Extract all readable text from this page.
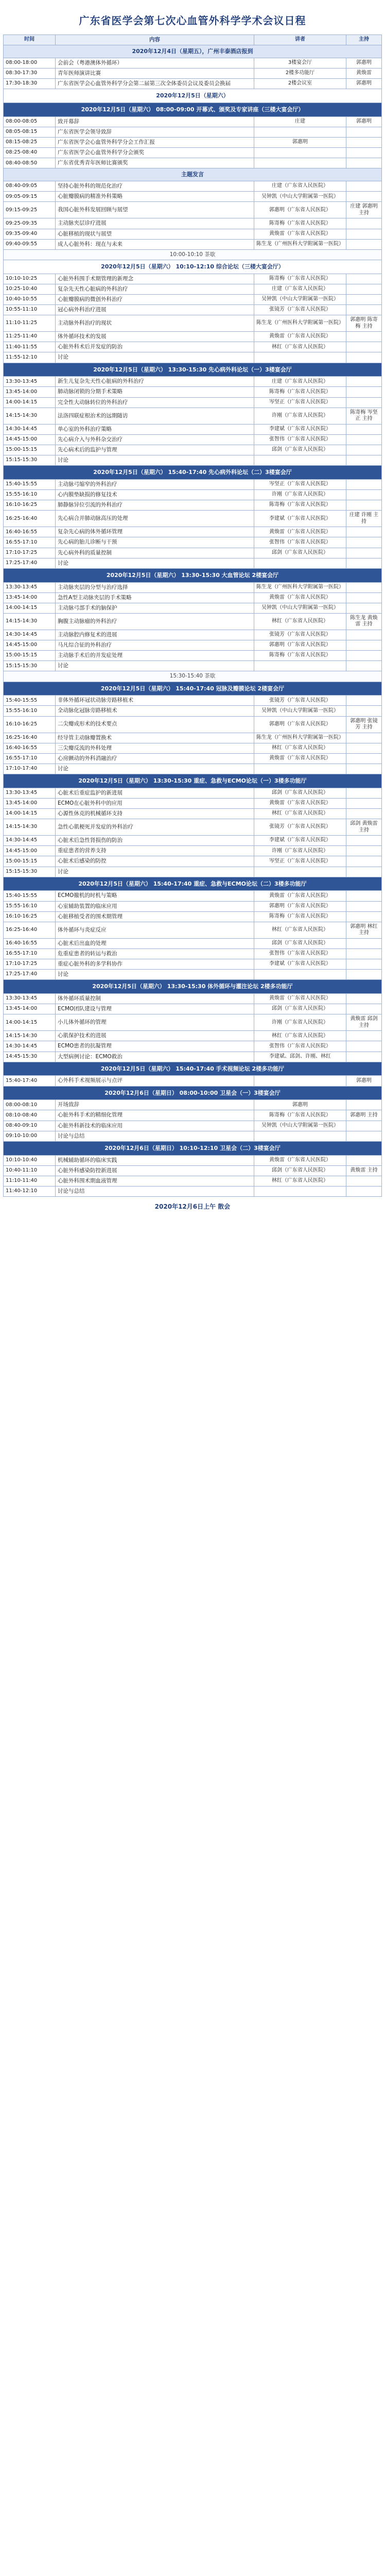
广东省医学会第七次心血管外科学学术会议日程
时间	内容	讲者	主持
2020年12月4日（星期五），广州丰泰酒店报到			
08:00-18:00	会前会（粤港澳体外循环）	3楼宴会厅	郭惠明
08:30-17:30	青年医师演讲比赛	2楼多功能厅	黄焕雷
17:30-18:30	广东省医学会心血管外科学分会第二届第三次全体委员会议及委员会换届	2楼会议室	郭惠明
2020年12月5日（星期六）			
2020年12月5日（星期六） 08:00-09:00 开幕式、颁奖及专家讲座（三楼大宴会厅）			
08:00-08:05	致开幕辞	庄建	郭惠明
08:05-08:15	广东省医学会领导致辞		
08:15-08:25	广东省医学会心血管外科学分会工作汇报	郭惠明	
08:25-08:40	广东省医学会心血管外科学分会颁奖		
08:40-08:50	广东省优秀青年医师比赛颁奖		
主题发言			
08:40-09:05	坚持心脏外科的规范化治疗	庄建（广东省人民医院）	
09:05-09:15	心脏瓣膜病的精准外科策略	吴钟凯（中山大学附属第一医院）	
09:15-09:25	我国心脏外科发展回顾与展望	郭惠明（广东省人民医院）	庄建 郭惠明 主持
09:25-09:35	主动脉夹层诊疗进展	陈寄梅（广东省人民医院）	
09:35-09:40	心脏移植的现状与展望	黄焕雷（广东省人民医院）	
09:40-09:55	成人心脏外科：现在与未来	陈生龙（广州医科大学附属第一医院）	
10:00-10:10 茶歇			
2020年12月5日（星期六） 10:10-12:10 综合论坛（三楼大宴会厅）			
10:10-10:25	心脏外科围手术期管理的新理念	陈寄梅（广东省人民医院）	
10:25-10:40	复杂先天性心脏病的外科治疗	庄建（广东省人民医院）	
10:40-10:55	心脏瓣膜病的微创外科治疗	吴钟凯（中山大学附属第一医院）	
10:55-11:10	冠心病外科治疗进展	张镜芳（广东省人民医院）	
11:10-11:25	主动脉外科治疗的现状	陈生龙（广州医科大学附属第一医院）	郭惠明 陈寄梅 主持
11:25-11:40	体外循环技术的发展	黄焕雷（广东省人民医院）	
11:40-11:55	心脏外科术后并发症的防治	林红（广东省人民医院）	
11:55-12:10	讨论		
2020年12月5日（星期六） 13:30-15:30 先心病外科论坛（一）3楼宴会厅			
13:30-13:45	新生儿复杂先天性心脏病的外科治疗	庄建（广东省人民医院）	
13:45-14:00	肺动脉闭锁的分期手术策略	陈寄梅（广东省人民医院）	
14:00-14:15	完全性大动脉转位的外科治疗	岑坚正（广东省人民医院）	
14:15-14:30	法洛四联症根治术的远期随访	许刚（广东省人民医院）	陈寄梅 岑坚正 主持
14:30-14:45	单心室的外科治疗策略	李建斌（广东省人民医院）	
14:45-15:00	先心病介入与外科杂交治疗	张智伟（广东省人民医院）	
15:00-15:15	先心病术后的监护与管理	邱剑（广东省人民医院）	
15:15-15:30	讨论		
2020年12月5日（星期六） 15:40-17:40 先心病外科论坛（二）3楼宴会厅			
15:40-15:55	主动脉弓缩窄的外科治疗	岑坚正（广东省人民医院）	
15:55-16:10	心内膜垫缺损的修复技术	许刚（广东省人民医院）	
16:10-16:25	肺静脉异位引流的外科治疗	陈寄梅（广东省人民医院）	
16:25-16:40	先心病合并肺动脉高压的处理	李建斌（广东省人民医院）	庄建 许刚 主持
16:40-16:55	复杂先心病的体外循环管理	黄焕雷（广东省人民医院）	
16:55-17:10	先心病的胎儿诊断与干预	张智伟（广东省人民医院）	
17:10-17:25	先心病外科的质量控制	邱剑（广东省人民医院）	
17:25-17:40	讨论		
2020年12月5日（星期六） 13:30-15:30 大血管论坛 2楼宴会厅			
13:30-13:45	主动脉夹层的分型与治疗选择	陈生龙（广州医科大学附属第一医院）	
13:45-14:00	急性A型主动脉夹层的手术策略	黄焕雷（广东省人民医院）	
14:00-14:15	主动脉弓部手术的脑保护	吴钟凯（中山大学附属第一医院）	
14:15-14:30	胸腹主动脉瘤的外科治疗	林红（广东省人民医院）	陈生龙 黄焕雷 主持
14:30-14:45	主动脉腔内修复术的进展	张镜芳（广东省人民医院）	
14:45-15:00	马凡综合征的外科治疗	郭惠明（广东省人民医院）	
15:00-15:15	主动脉手术后的并发症处理	陈寄梅（广东省人民医院）	
15:15-15:30	讨论		
15:30-15:40 茶歇			
2020年12月5日（星期六） 15:40-17:40 冠脉及瓣膜论坛 2楼宴会厅			
15:40-15:55	非体外循环冠状动脉旁路移植术	张镜芳（广东省人民医院）	
15:55-16:10	全动脉化冠脉旁路移植术	吴钟凯（中山大学附属第一医院）	
16:10-16:25	二尖瓣成形术的技术要点	郭惠明（广东省人民医院）	郭惠明 张镜芳 主持
16:25-16:40	经导管主动脉瓣置换术	陈生龙（广州医科大学附属第一医院）	
16:40-16:55	三尖瓣反流的外科处理	林红（广东省人民医院）	
16:55-17:10	心房颤动的外科消融治疗	黄焕雷（广东省人民医院）	
17:10-17:40	讨论		
2020年12月5日（星期六） 13:30-15:30 重症、急救与ECMO论坛（一）3楼多功能厅			
13:30-13:45	心脏术后重症监护的新进展	邱剑（广东省人民医院）	
13:45-14:00	ECMO在心脏外科中的应用	黄焕雷（广东省人民医院）	
14:00-14:15	心源性休克的机械循环支持	林红（广东省人民医院）	
14:15-14:30	急性心肌梗死并发症的外科治疗	张镜芳（广东省人民医院）	邱剑 黄焕雷 主持
14:30-14:45	心脏术后急性肾损伤的防治	李建斌（广东省人民医院）	
14:45-15:00	重症患者的营养支持	许刚（广东省人民医院）	
15:00-15:15	心脏术后感染的防控	岑坚正（广东省人民医院）	
15:15-15:30	讨论		
2020年12月5日（星期六） 15:40-17:40 重症、急救与ECMO论坛（二）3楼多功能厅			
15:40-15:55	ECMO撤机的时机与策略	黄焕雷（广东省人民医院）	
15:55-16:10	心室辅助装置的临床应用	郭惠明（广东省人民医院）	
16:10-16:25	心脏移植受者的围术期管理	陈寄梅（广东省人民医院）	
16:25-16:40	体外循环与炎症反应	林红（广东省人民医院）	郭惠明 林红 主持
16:40-16:55	心脏术后出血的处理	邱剑（广东省人民医院）	
16:55-17:10	危重症患者的转运与救治	张智伟（广东省人民医院）	
17:10-17:25	重症心脏外科的多学科协作	李建斌（广东省人民医院）	
17:25-17:40	讨论		
2020年12月5日（星期六） 13:30-15:30 体外循环与灌注论坛 2楼多功能厅			
13:30-13:45	体外循环质量控制	黄焕雷（广东省人民医院）	
13:45-14:00	ECMO团队建设与管理	邱剑（广东省人民医院）	
14:00-14:15	小儿体外循环的管理	许刚（广东省人民医院）	黄焕雷 邱剑 主持
14:15-14:30	心肌保护技术的进展	林红（广东省人民医院）	
14:30-14:45	ECMO患者的抗凝管理	张智伟（广东省人民医院）	
14:45-15:30	大型病例讨论：ECMO救治	李建斌、邱剑、许刚、林红	
2020年12月5日（星期六） 15:40-17:40 手术视频论坛 2楼多功能厅			
15:40-17:40	心外科手术视频展示与点评		郭惠明
2020年12月6日（星期日） 08:00-10:00 卫星会（一）3楼宴会厅			
08:00-08:10	开场致辞	郭惠明	
08:10-08:40	心脏外科手术的精细化管理	陈寄梅（广东省人民医院）	郭惠明 主持
08:40-09:10	心脏外科新技术的临床应用	吴钟凯（中山大学附属第一医院）	
09:10-10:00	讨论与总结		
2020年12月6日（星期日） 10:10-12:10 卫星会（二）3楼宴会厅			
10:10-10:40	机械辅助循环的临床实践	黄焕雷（广东省人民医院）	
10:40-11:10	心脏外科感染防控新进展	邱剑（广东省人民医院）	黄焕雷 主持
11:10-11:40	心脏外科围术期血液管理	林红（广东省人民医院）	
11:40-12:10	讨论与总结		
2020年12月6日上午 散会
